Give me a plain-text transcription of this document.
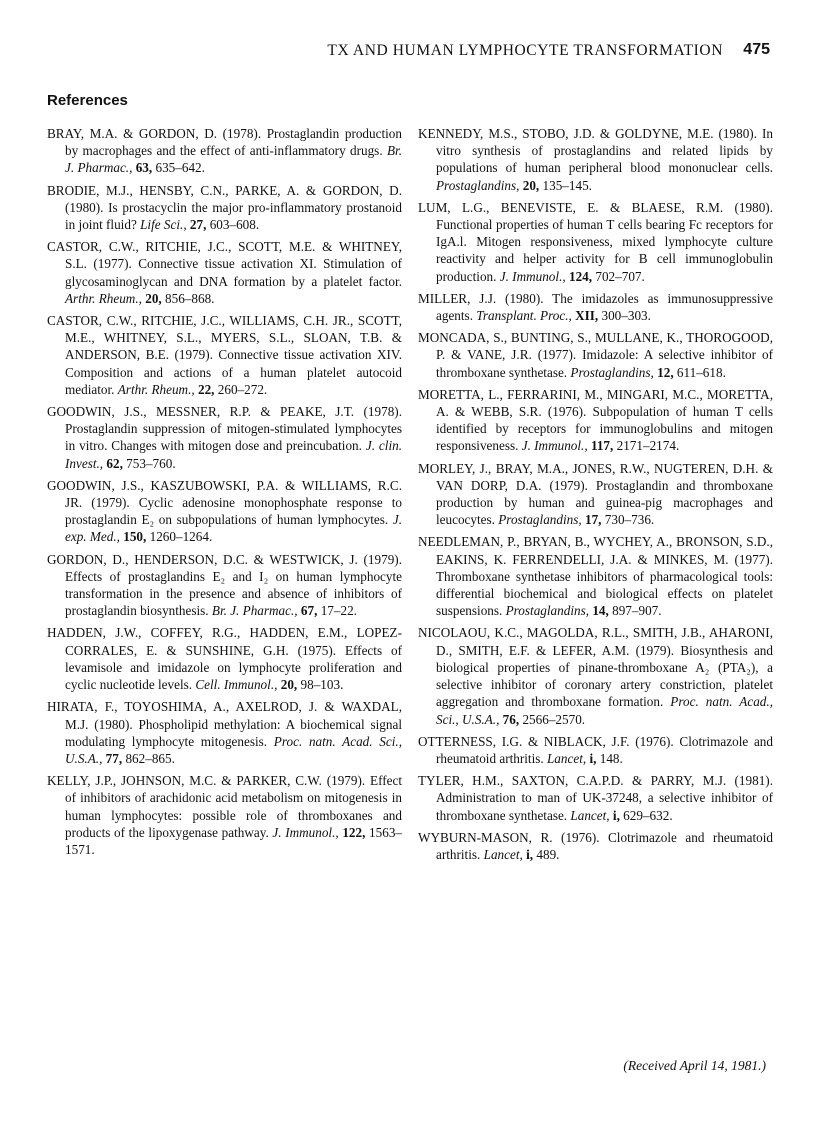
TX AND HUMAN LYMPHOCYTE TRANSFORMATION 475
References

BRAY, M.A. & GORDON, D. (1978). Prostaglandin production by macrophages and the effect of anti-inflammatory drugs. Br. J. Pharmac., 63, 635–642.

BRODIE, M.J., HENSBY, C.N., PARKE, A. & GORDON, D. (1980). Is prostacyclin the major pro-inflammatory prostanoid in joint fluid? Life Sci., 27, 603–608.

CASTOR, C.W., RITCHIE, J.C., SCOTT, M.E. & WHITNEY, S.L. (1977). Connective tissue activation XI. Stimulation of glycosaminoglycan and DNA formation by a platelet factor. Arthr. Rheum., 20, 856–868.

CASTOR, C.W., RITCHIE, J.C., WILLIAMS, C.H. JR., SCOTT, M.E., WHITNEY, S.L., MYERS, S.L., SLOAN, T.B. & ANDERSON, B.E. (1979). Connective tissue activation XIV. Composition and actions of a human platelet autocoid mediator. Arthr. Rheum., 22, 260–272.

GOODWIN, J.S., MESSNER, R.P. & PEAKE, J.T. (1978). Prostaglandin suppression of mitogen-stimulated lymphocytes in vitro. Changes with mitogen dose and preincubation. J. clin. Invest., 62, 753–760.

GOODWIN, J.S., KASZUBOWSKI, P.A. & WILLIAMS, R.C. JR. (1979). Cyclic adenosine monophosphate response to prostaglandin E₂ on subpopulations of human lymphocytes. J. exp. Med., 150, 1260–1264.

GORDON, D., HENDERSON, D.C. & WESTWICK, J. (1979). Effects of prostaglandins E₂ and I₂ on human lymphocyte transformation in the presence and absence of inhibitors of prostaglandin biosynthesis. Br. J. Pharmac., 67, 17–22.

HADDEN, J.W., COFFEY, R.G., HADDEN, E.M., LOPEZ-CORRALES, E. & SUNSHINE, G.H. (1975). Effects of levamisole and imidazole on lymphocyte proliferation and cyclic nucleotide levels. Cell. Immunol., 20, 98–103.

HIRATA, F., TOYOSHIMA, A., AXELROD, J. & WAXDAL, M.J. (1980). Phospholipid methylation: A biochemical signal modulating lymphocyte mitogenesis. Proc. natn. Acad. Sci., U.S.A., 77, 862–865.

KELLY, J.P., JOHNSON, M.C. & PARKER, C.W. (1979). Effect of inhibitors of arachidonic acid metabolism on mitogenesis in human lymphocytes: possible role of thromboxanes and products of the lipoxygenase pathway. J. Immunol., 122, 1563–1571.

KENNEDY, M.S., STOBO, J.D. & GOLDYNE, M.E. (1980). In vitro synthesis of prostaglandins and related lipids by populations of human peripheral blood mononuclear cells. Prostaglandins, 20, 135–145.

LUM, L.G., BENEVISTE, E. & BLAESE, R.M. (1980). Functional properties of human T cells bearing Fc receptors for IgA.l. Mitogen responsiveness, mixed lymphocyte culture reactivity and helper activity for B cell immunoglobulin production. J. Immunol., 124, 702–707.

MILLER, J.J. (1980). The imidazoles as immunosuppressive agents. Transplant. Proc., XII, 300–303.

MONCADA, S., BUNTING, S., MULLANE, K., THOROGOOD, P. & VANE, J.R. (1977). Imidazole: A selective inhibitor of thromboxane synthetase. Prostaglandins, 12, 611–618.

MORETTA, L., FERRARINI, M., MINGARI, M.C., MORETTA, A. & WEBB, S.R. (1976). Subpopulation of human T cells identified by receptors for immunoglobulins and mitogen responsiveness. J. Immunol., 117, 2171–2174.

MORLEY, J., BRAY, M.A., JONES, R.W., NUGTEREN, D.H. & VAN DORP, D.A. (1979). Prostaglandin and thromboxane production by human and guinea-pig macrophages and leucocytes. Prostaglandins, 17, 730–736.

NEEDLEMAN, P., BRYAN, B., WYCHEY, A., BRONSON, S.D., EAKINS, K. FERRENDELLI, J.A. & MINKES, M. (1977). Thromboxane synthetase inhibitors of pharmacological tools: differential biochemical and biological effects on platelet suspensions. Prostaglandins, 14, 897–907.

NICOLAOU, K.C., MAGOLDA, R.L., SMITH, J.B., AHARONI, D., SMITH, E.F. & LEFER, A.M. (1979). Biosynthesis and biological properties of pinane-thromboxane A₂ (PTA₂), a selective inhibitor of coronary artery constriction, platelet aggregation and thromboxane formation. Proc. natn. Acad., Sci., U.S.A., 76, 2566–2570.

OTTERNESS, I.G. & NIBLACK, J.F. (1976). Clotrimazole and rheumatoid arthritis. Lancet, i, 148.

TYLER, H.M., SAXTON, C.A.P.D. & PARRY, M.J. (1981). Administration to man of UK-37248, a selective inhibitor of thromboxane synthetase. Lancet, i, 629–632.

WYBURN-MASON, R. (1976). Clotrimazole and rheumatoid arthritis. Lancet, i, 489.

(Received April 14, 1981.)
